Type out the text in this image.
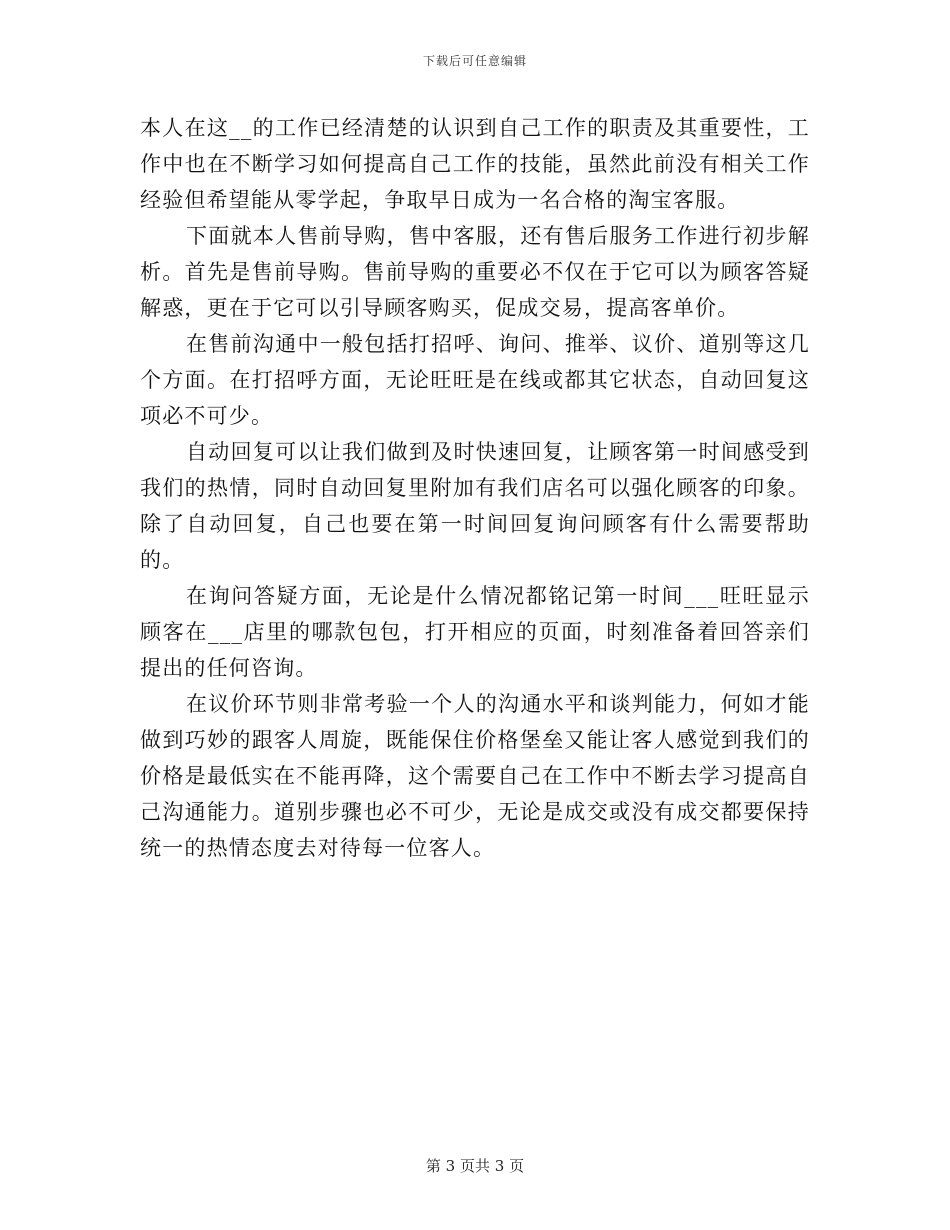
下载后可任意编辑

本人在这__的工作已经清楚的认识到自己工作的职责及其重要性，工作中也在不断学习如何提高自己工作的技能，虽然此前没有相关工作经验但希望能从零学起，争取早日成为一名合格的淘宝客服。

下面就本人售前导购，售中客服，还有售后服务工作进行初步解析。首先是售前导购。售前导购的重要必不仅在于它可以为顾客答疑解惑，更在于它可以引导顾客购买，促成交易，提高客单价。

在售前沟通中一般包括打招呼、询问、推举、议价、道别等这几个方面。在打招呼方面，无论旺旺是在线或都其它状态，自动回复这项必不可少。

自动回复可以让我们做到及时快速回复，让顾客第一时间感受到我们的热情，同时自动回复里附加有我们店名可以强化顾客的印象。除了自动回复，自己也要在第一时间回复询问顾客有什么需要帮助的。

在询问答疑方面，无论是什么情况都铭记第一时间___旺旺显示顾客在___店里的哪款包包，打开相应的页面，时刻准备着回答亲们提出的任何咨询。

在议价环节则非常考验一个人的沟通水平和谈判能力，何如才能做到巧妙的跟客人周旋，既能保住价格堡垒又能让客人感觉到我们的价格是最低实在不能再降，这个需要自己在工作中不断去学习提高自己沟通能力。道别步骤也必不可少，无论是成交或没有成交都要保持统一的热情态度去对待每一位客人。

第 3 页共 3 页
